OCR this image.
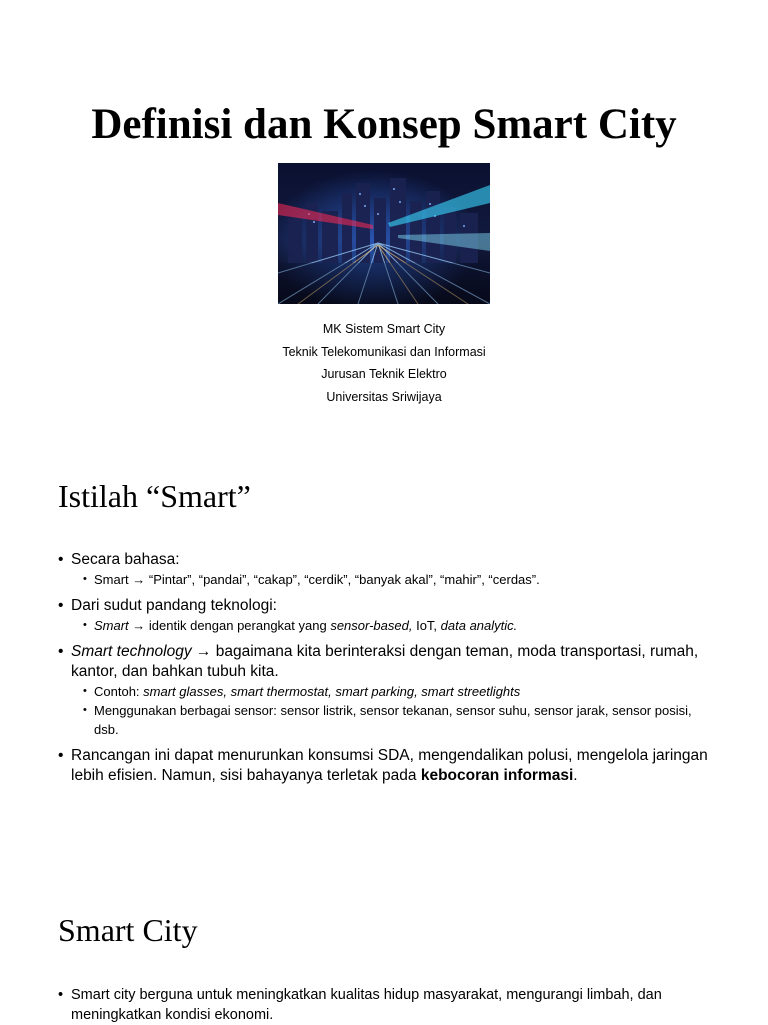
Definisi dan Konsep Smart City
MK Sistem Smart City
Teknik Telekomunikasi dan Informasi
Jurusan Teknik Elektro
Universitas Sriwijaya
Istilah “Smart”
• Secara bahasa:
• Smart → “Pintar”, “pandai”, “cakap”, “cerdik”, “banyak akal”, “mahir”, “cerdas”.
• Dari sudut pandang teknologi:
• Smart → identik dengan perangkat yang sensor-based, IoT, data analytic.
• Smart technology → bagaimana kita berinteraksi dengan teman, moda transportasi, rumah, kantor, dan bahkan tubuh kita.
• Contoh: smart glasses, smart thermostat, smart parking, smart streetlights
• Menggunakan berbagai sensor: sensor listrik, sensor tekanan, sensor suhu, sensor jarak, sensor posisi, dsb.
• Rancangan ini dapat menurunkan konsumsi SDA, mengendalikan polusi, mengelola jaringan lebih efisien. Namun, sisi bahayanya terletak pada kebocoran informasi.
Smart City
• Smart city berguna untuk meningkatkan kualitas hidup masyarakat, mengurangi limbah, dan meningkatkan kondisi ekonomi.
